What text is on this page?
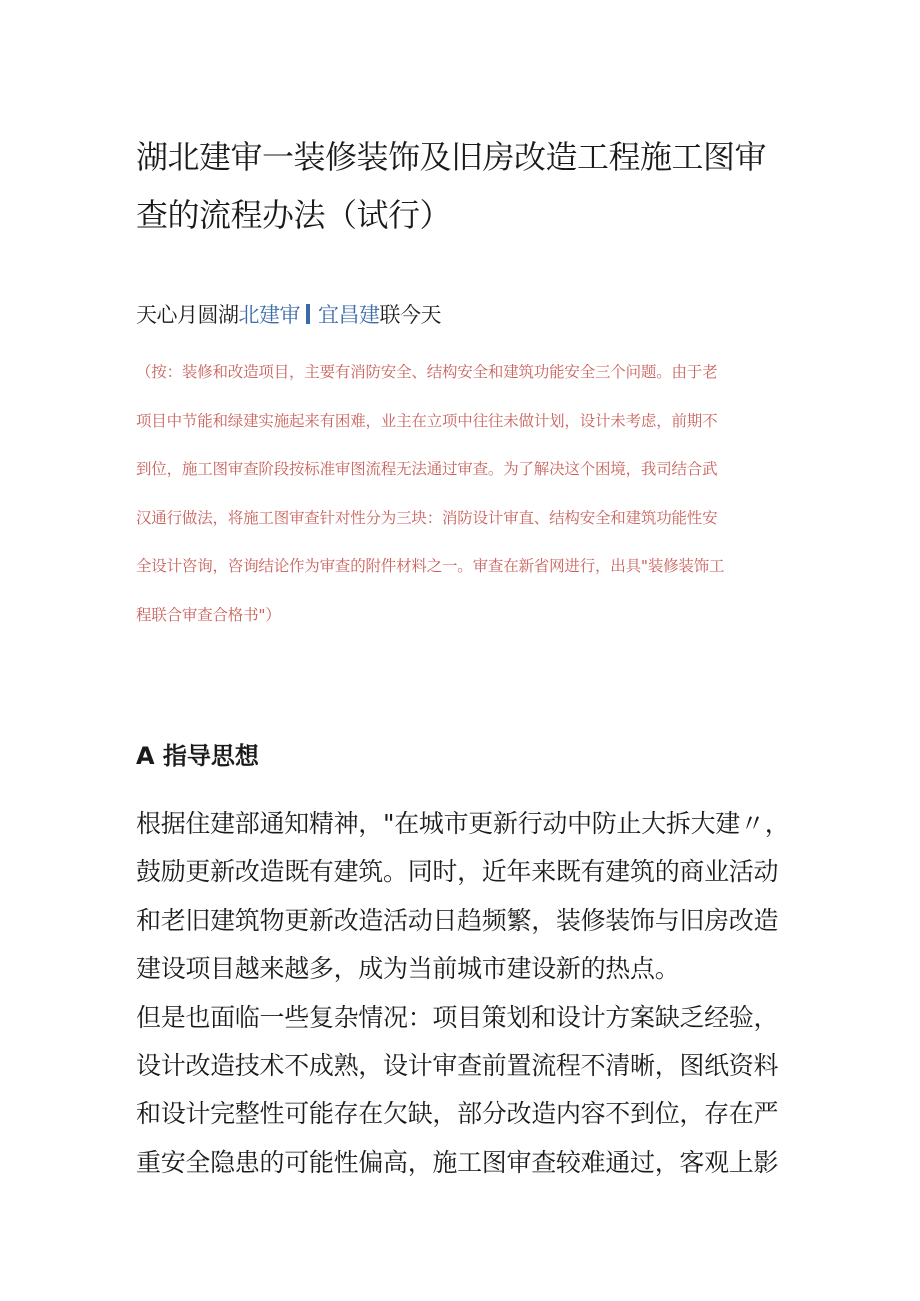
湖北建审一装修装饰及旧房改造工程施工图审
查的流程办法（试行）
天心月圆湖北建审 宜昌建联今天
（按：装修和改造项目，主要有消防安全、结构安全和建筑功能安全三个问题。由于老
项目中节能和绿建实施起来有困难，业主在立项中往往未做计划，设计未考虑，前期不
到位，施工图审查阶段按标准审图流程无法通过审查。为了解决这个困境，我司结合武
汉通行做法，将施工图审查针对性分为三块：消防设计审直、结构安全和建筑功能性安
全设计咨询，咨询结论作为审查的附件材料之一。审查在新省网进行，出具"装修装饰工
程联合审查合格书"）
A 指导思想
根据住建部通知精神，"在城市更新行动中防止大拆大建〃，
鼓励更新改造既有建筑。同时，近年来既有建筑的商业活动
和老旧建筑物更新改造活动日趋频繁，装修装饰与旧房改造
建设项目越来越多，成为当前城市建设新的热点。
但是也面临一些复杂情况：项目策划和设计方案缺乏经验，
设计改造技术不成熟，设计审查前置流程不清晰，图纸资料
和设计完整性可能存在欠缺，部分改造内容不到位，存在严
重安全隐患的可能性偏高，施工图审查较难通过，客观上影
